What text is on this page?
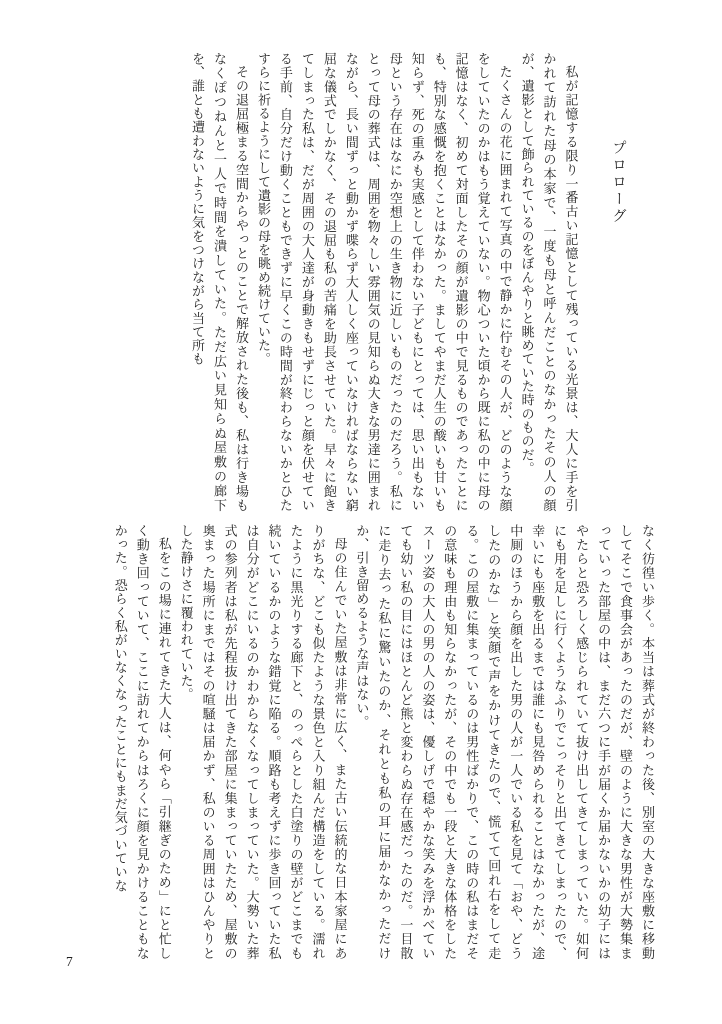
プロローグ

私が記憶する限り一番古い記憶として残っている光景は、大人に手を引かれて訪れた母の本家で、一度も母と呼んだことのなかったその人の顔が、遺影として飾られているのをぼんやりと眺めていた時のものだ。

たくさんの花に囲まれて写真の中で静かに佇むその人が、どのような顔をしていたのかはもう覚えていない。物心ついた頃から既に私の中に母の記憶はなく、初めて対面したその顔が遺影の中で見るものであったことにも、特別な感慨を抱くことはなかった。ましてやまだ人生の酸いも甘いも知らず、死の重みも実感として伴わない子どもにとっては、思い出もない母という存在はなにか空想上の生き物に近しいものだったのだろう。私にとって母の葬式は、周囲を物々しい雰囲気の見知らぬ大きな男達に囲まれながら、長い間ずっと動かず喋らず大人しく座っていなければならない窮屈な儀式でしかなく、その退屈も私の苦痛を助長させていた。早々に飽きてしまった私は、だが周囲の大人達が身動きもせずにじっと顔を伏せている手前、自分だけ動くこともできずに早くこの時間が終わらないかとひたすらに祈るようにして遺影の母を眺め続けていた。

その退屈極まる空間からやっとのことで解放された後も、私は行き場もなくぽつねんと一人で時間を潰していた。ただ広い見知らぬ屋敷の廊下を、誰とも遭わないように気をつけながら当て所も

なく彷徨い歩く。本当は葬式が終わった後、別室の大きな座敷に移動してそこで食事会があったのだが、壁のように大きな男性が大勢集まっていった部屋の中は、まだ六つに手が届くか届かないかの幼子にはやたらと恐ろしく感じられていて抜け出してきてしまっていた。如何にも用を足しに行くようなふりでこっそりと出てきてしまったので、幸いにも座敷を出るまでは誰にも見咎められることはなかったが、途中厠のほうから顔を出した男の人が一人でいる私を見て「おや、どうしたのかな」と笑顔で声をかけてきたので、慌てて回れ右をして走る。この屋敷に集まっているのは男性ばかりで、この時の私はまだその意味も理由も知らなかったが、その中でも一段と大きな体格をしたスーツ姿の大人の男の人の姿は、優しげで穏やかな笑みを浮かべていても幼い私の目にはほとんど熊と変わらぬ存在感だったのだ。一目散に走り去った私に驚いたのか、それとも私の耳に届かなかっただけか、引き留めるような声はない。

母の住んでいた屋敷は非常に広く、また古い伝統的な日本家屋にありがちな、どこも似たような景色と入り組んだ構造をしている。濡れたように黒光りする廊下と、のっぺらとした白塗りの壁がどこまでも続いているかのような錯覚に陥る。順路も考えずに歩き回っていた私は自分がどこにいるのかわからなくなってしまっていた。大勢いた葬式の参列者は私が先程抜け出てきた部屋に集まっていたため、屋敷の奥まった場所にまではその喧騒は届かず、私のいる周囲はひんやりとした静けさに覆われていた。

私をこの場に連れてきた大人は、何やら「引継ぎのため」にと忙しく動き回っていて、ここに訪れてからはろくに顔を見かけることもなかった。恐らく私がいなくなったことにもまだ気づいていな

7
